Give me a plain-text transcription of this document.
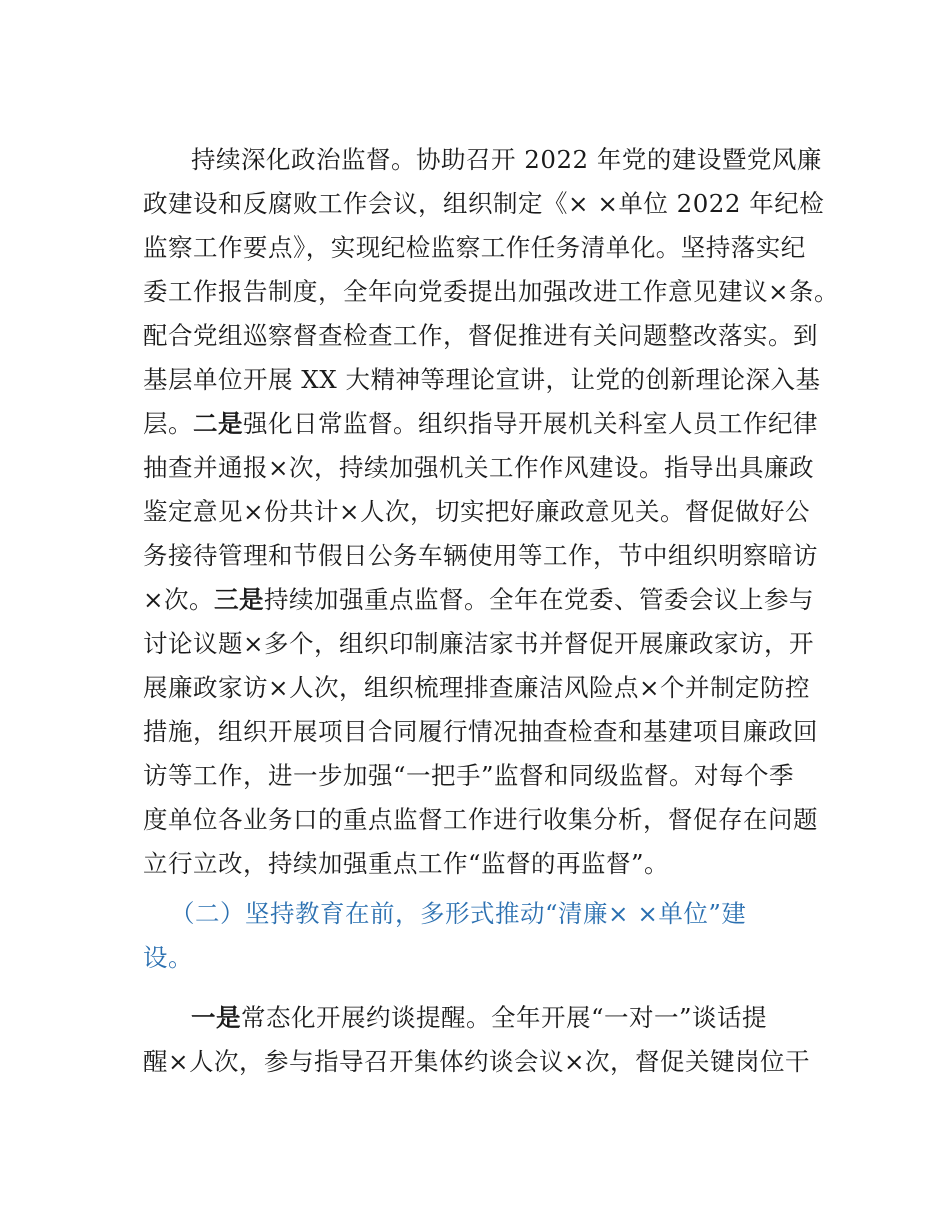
持续深化政治监督。协助召开 2022 年党的建设暨党风廉
政建设和反腐败工作会议，组织制定《× ×单位 2022 年纪检
监察工作要点》，实现纪检监察工作任务清单化。坚持落实纪
委工作报告制度，全年向党委提出加强改进工作意见建议×条。
配合党组巡察督查检查工作，督促推进有关问题整改落实。到
基层单位开展 XX 大精神等理论宣讲，让党的创新理论深入基
层。二是强化日常监督。组织指导开展机关科室人员工作纪律
抽查并通报×次，持续加强机关工作作风建设。指导出具廉政
鉴定意见×份共计×人次，切实把好廉政意见关。督促做好公
务接待管理和节假日公务车辆使用等工作，节中组织明察暗访
×次。三是持续加强重点监督。全年在党委、管委会议上参与
讨论议题×多个，组织印制廉洁家书并督促开展廉政家访，开
展廉政家访×人次，组织梳理排查廉洁风险点×个并制定防控
措施，组织开展项目合同履行情况抽查检查和基建项目廉政回
访等工作，进一步加强“一把手”监督和同级监督。对每个季
度单位各业务口的重点监督工作进行收集分析，督促存在问题
立行立改，持续加强重点工作“监督的再监督”。
（二）坚持教育在前，多形式推动“清廉× ×单位”建
设。
一是常态化开展约谈提醒。全年开展“一对一”谈话提
醒×人次，参与指导召开集体约谈会议×次，督促关键岗位干
